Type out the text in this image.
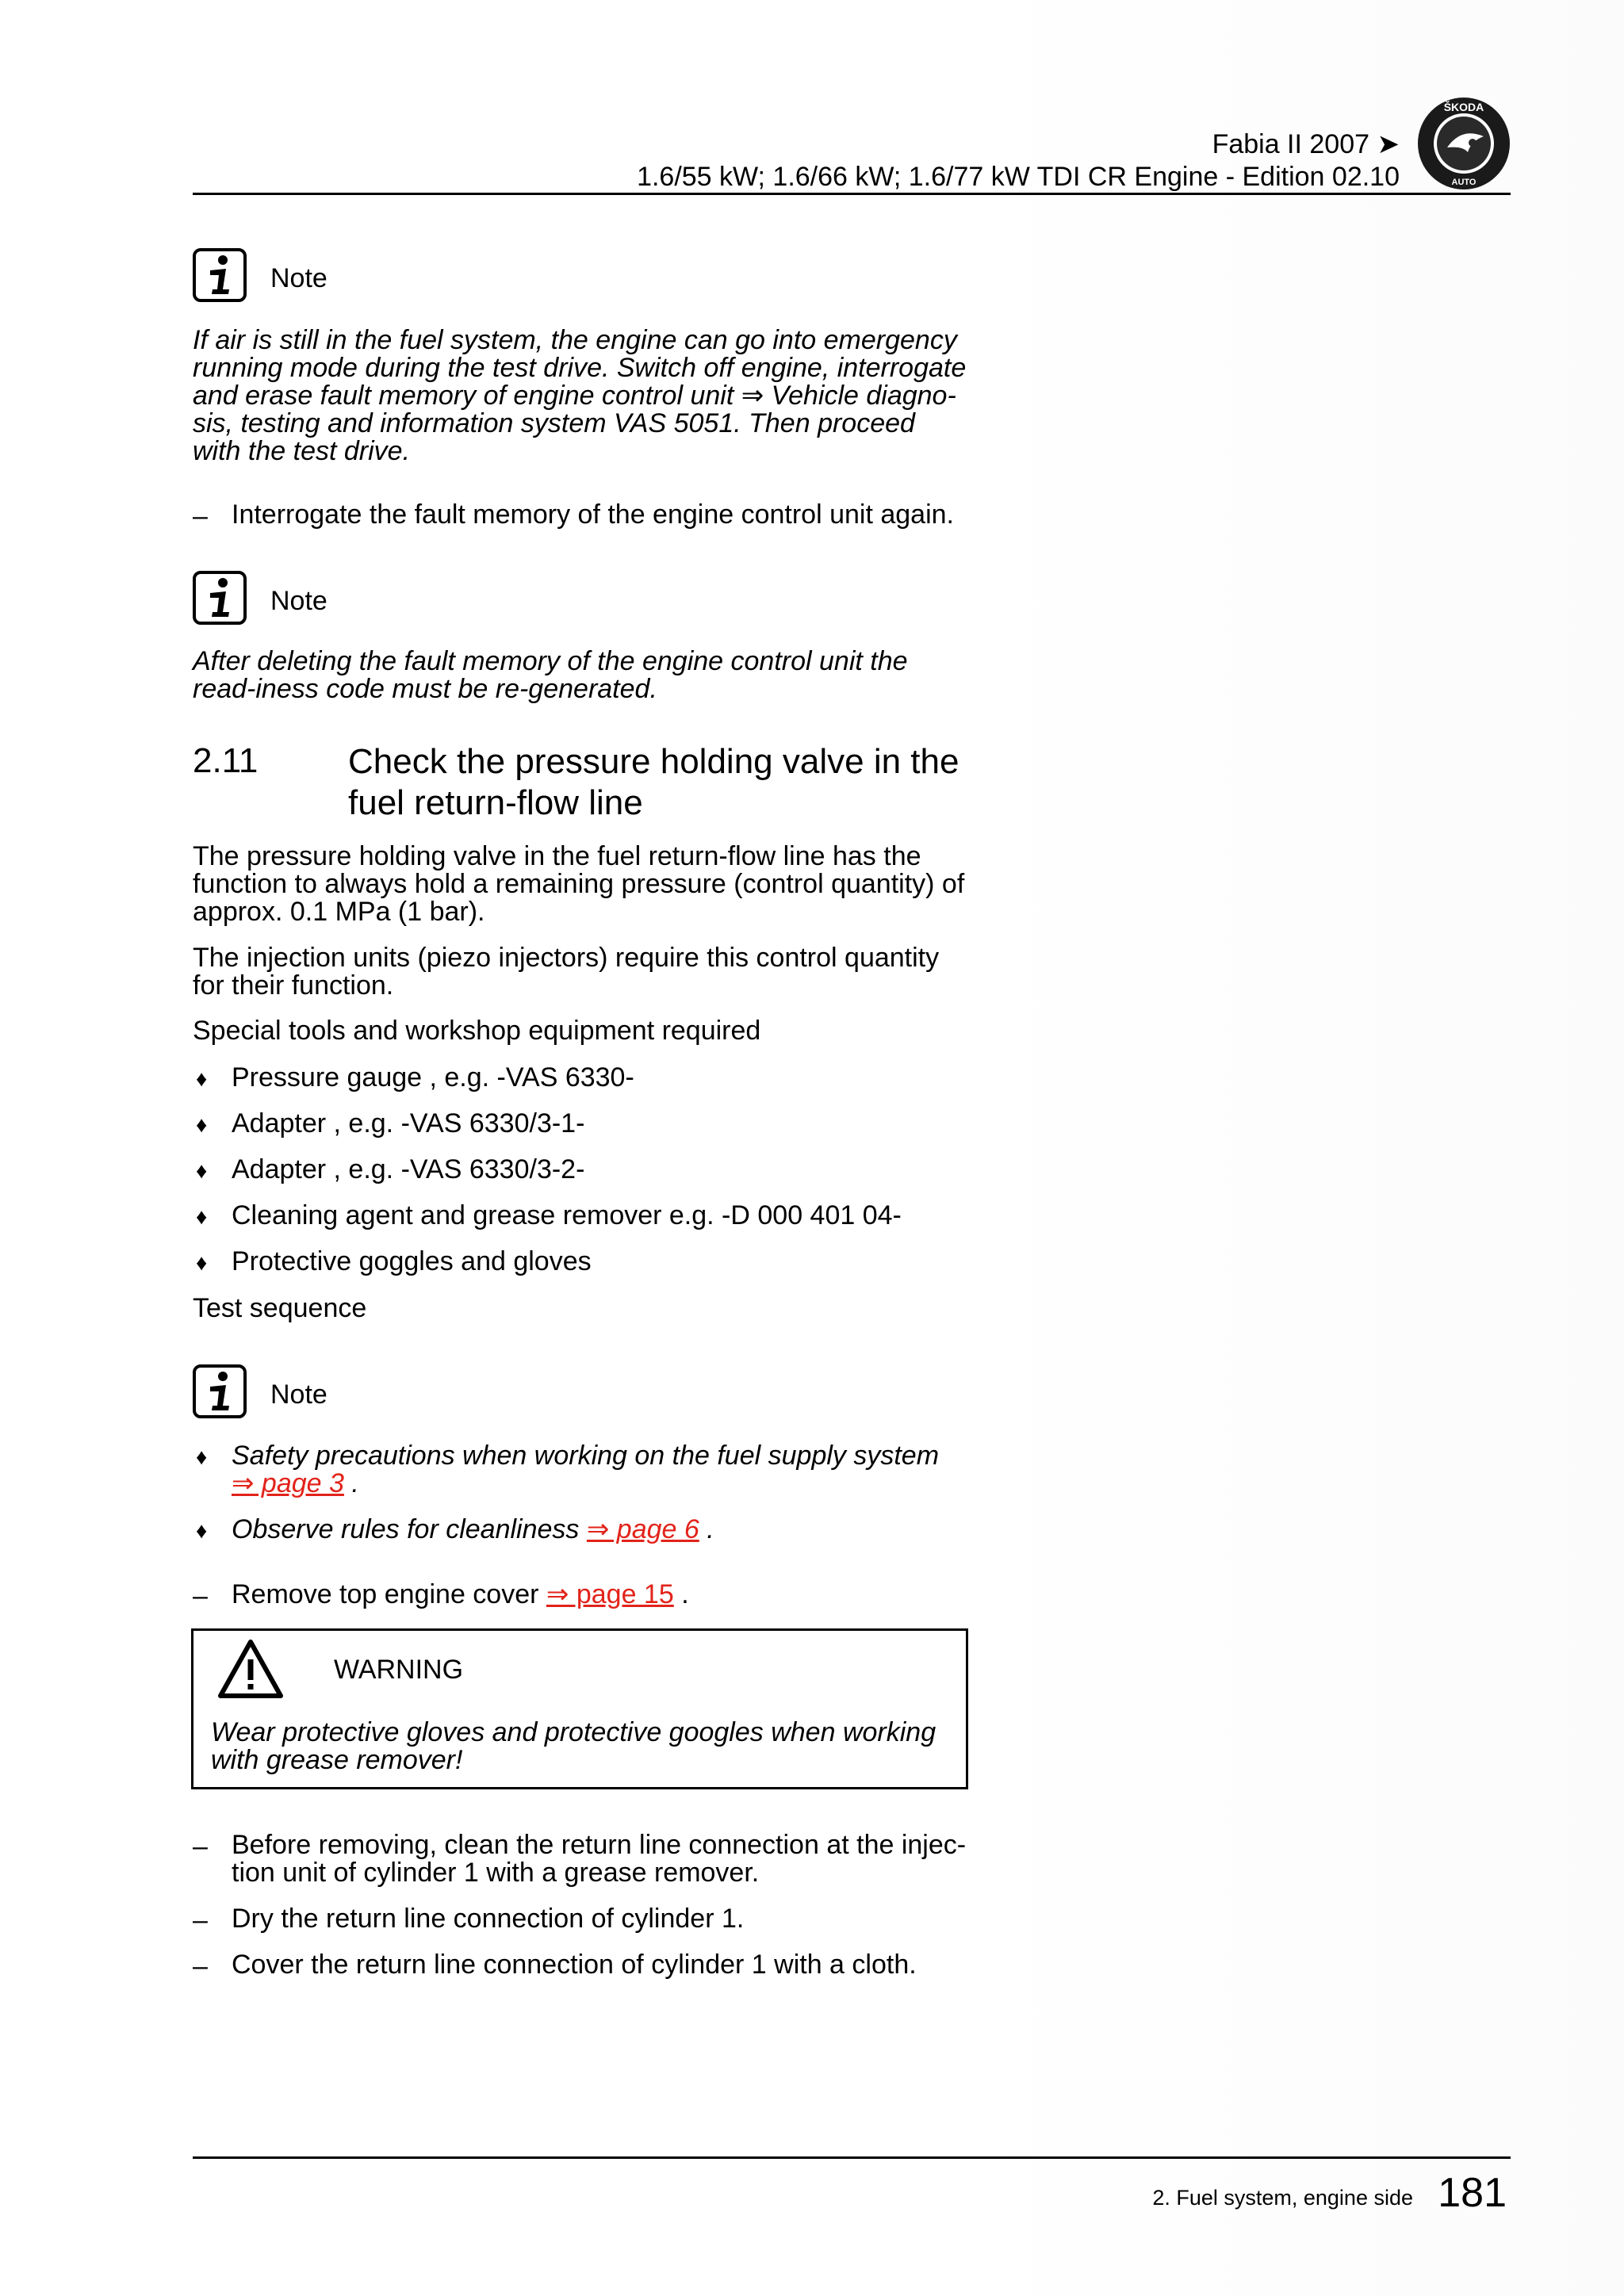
Fabia II 2007 ➤
1.6/55 kW; 1.6/66 kW; 1.6/77 kW TDI CR Engine - Edition 02.10
ŠKODA
AUTO
Note
If air is still in the fuel system, the engine can go into emergency running mode during the test drive. Switch off engine, interrogate and erase fault memory of engine control unit ⇒ Vehicle diagno-sis, testing and information system VAS 5051. Then proceed with the test drive.
– Interrogate the fault memory of the engine control unit again.
Note
After deleting the fault memory of the engine control unit the read-iness code must be re-generated.
2.11	Check the pressure holding valve in the fuel return-flow line
The pressure holding valve in the fuel return-flow line has the function to always hold a remaining pressure (control quantity) of approx. 0.1 MPa (1 bar).
The injection units (piezo injectors) require this control quantity for their function.
Special tools and workshop equipment required
♦ Pressure gauge , e.g. -VAS 6330-
♦ Adapter , e.g. -VAS 6330/3-1-
♦ Adapter , e.g. -VAS 6330/3-2-
♦ Cleaning agent and grease remover e.g. -D 000 401 04-
♦ Protective goggles and gloves
Test sequence
Note
♦ Safety precautions when working on the fuel supply system
⇒ page 3 .
♦ Observe rules for cleanliness ⇒ page 6 .
– Remove top engine cover ⇒ page 15 .
WARNING
Wear protective gloves and protective googles when working with grease remover!
– Before removing, clean the return line connection at the injec-tion unit of cylinder 1 with a grease remover.
– Dry the return line connection of cylinder 1.
– Cover the return line connection of cylinder 1 with a cloth.
2. Fuel system, engine side 181
